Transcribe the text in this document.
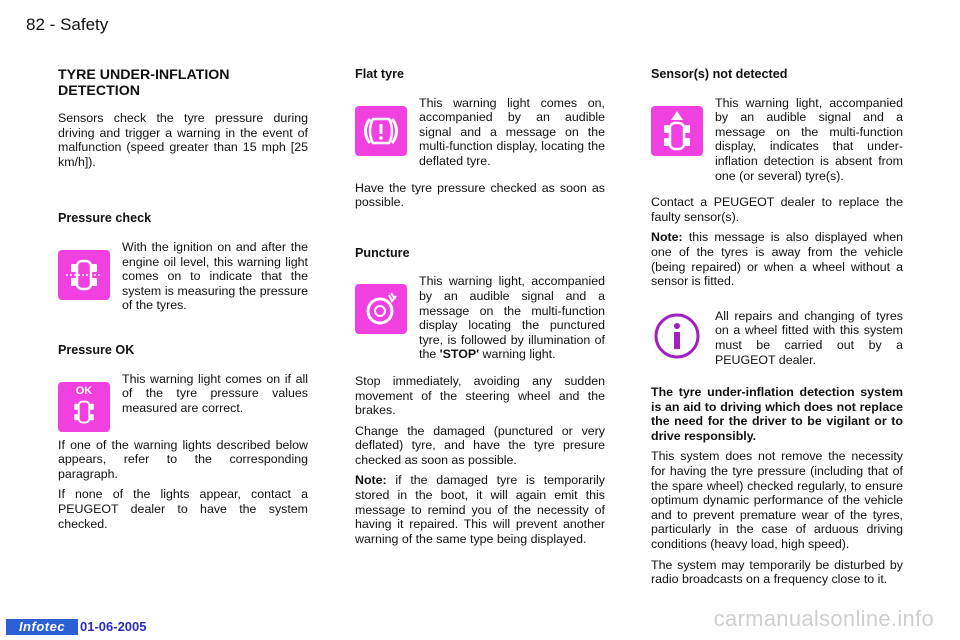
82 - Safety
TYRE UNDER-INFLATION
DETECTION

Sensors check the tyre pressure during driving and trigger a warning in the event of malfunction (speed greater than 15 mph [25 km/h]).

Pressure check

With the ignition on and after the engine oil level, this warning light comes on to indicate that the system is measuring the pressure of the tyres.

Pressure OK
OK

This warning light comes on if all of the tyre pressure values measured are correct.

If one of the warning lights described below appears, refer to the corresponding paragraph.

If none of the lights appear, contact a PEUGEOT dealer to have the system checked.

Flat tyre

This warning light comes on, accompanied by an audible signal and a message on the multi-function display, locating the deflated tyre.

Have the tyre pressure checked as soon as possible.

Puncture

This warning light, accompanied by an audible signal and a message on the multi-function display locating the punctured tyre, is followed by illumination of the 'STOP' warning light.

Stop immediately, avoiding any sudden movement of the steering wheel and the brakes.

Change the damaged (punctured or very deflated) tyre, and have the tyre presure checked as soon as possible.

Note: if the damaged tyre is temporarily stored in the boot, it will again emit this message to remind you of the necessity of having it repaired. This will prevent another warning of the same type being displayed.

Sensor(s) not detected

This warning light, accompanied by an audible signal and a message on the multi-function display, indicates that under-inflation detection is absent from one (or several) tyre(s).

Contact a PEUGEOT dealer to replace the faulty sensor(s).

Note: this message is also displayed when one of the tyres is away from the vehicle (being repaired) or when a wheel without a sensor is fitted.

All repairs and changing of tyres on a wheel fitted with this system must be carried out by a PEUGEOT dealer.

The tyre under-inflation detection system is an aid to driving which does not replace the need for the driver to be vigilant or to drive responsibly.

This system does not remove the necessity for having the tyre pressure (including that of the spare wheel) checked regularly, to ensure optimum dynamic performance of the vehicle and to prevent premature wear of the tyres, particularly in the case of arduous driving conditions (heavy load, high speed).

The system may temporarily be disturbed by radio broadcasts on a frequency close to it.

Infotec	01-06-2005	carmanualsonline.info
